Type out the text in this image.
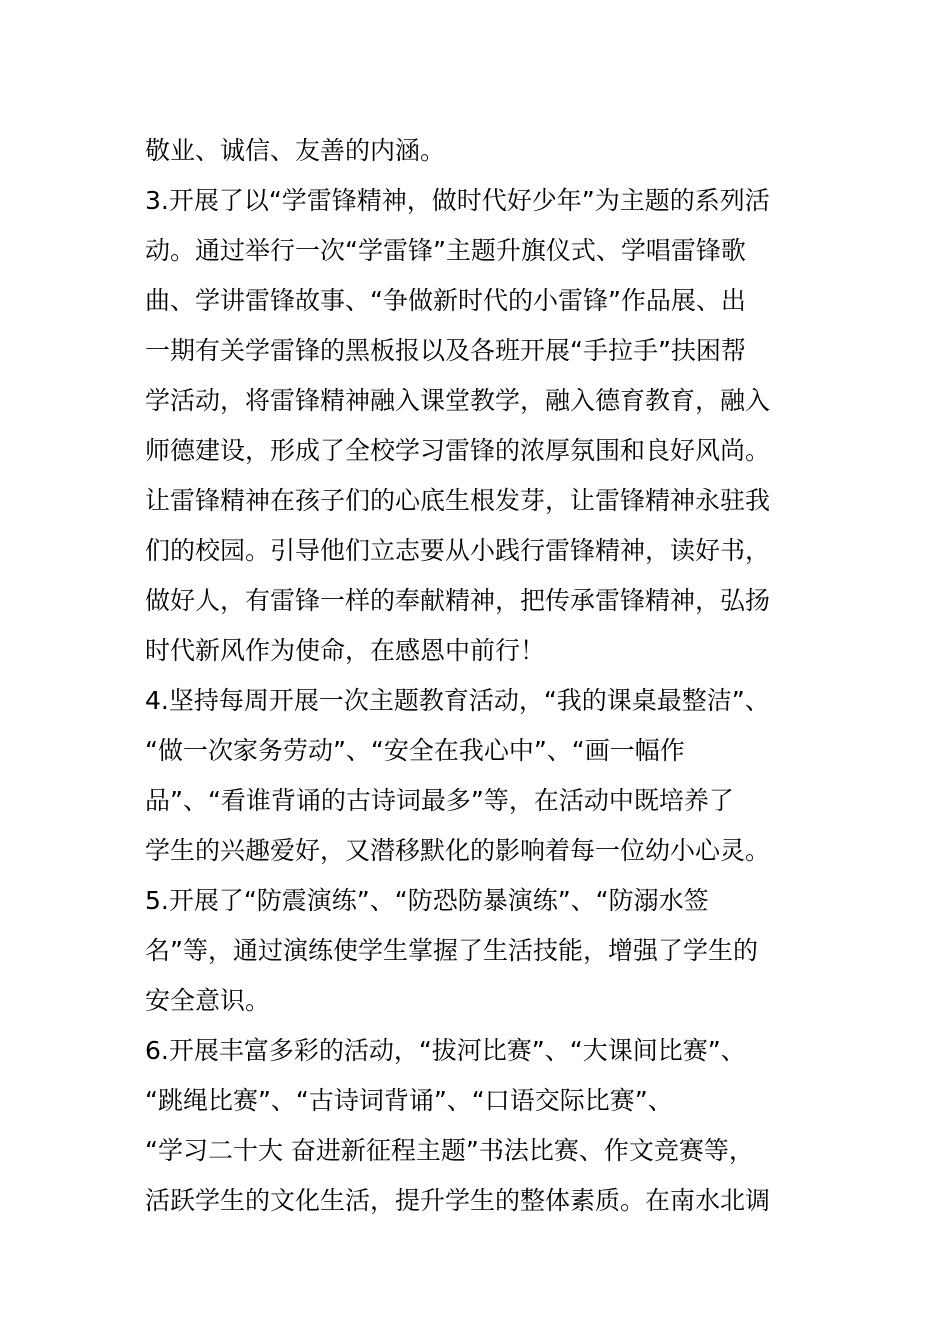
敬业、诚信、友善的内涵。
3.开展了以“学雷锋精神，做时代好少年”为主题的系列活
动。通过举行一次“学雷锋”主题升旗仪式、学唱雷锋歌
曲、学讲雷锋故事、“争做新时代的小雷锋”作品展、出
一期有关学雷锋的黑板报以及各班开展“手拉手”扶困帮
学活动，将雷锋精神融入课堂教学，融入德育教育，融入
师德建设，形成了全校学习雷锋的浓厚氛围和良好风尚。
让雷锋精神在孩子们的心底生根发芽，让雷锋精神永驻我
们的校园。引导他们立志要从小践行雷锋精神，读好书，
做好人，有雷锋一样的奉献精神，把传承雷锋精神，弘扬
时代新风作为使命，在感恩中前行！
4.坚持每周开展一次主题教育活动，“我的课桌最整洁”、
“做一次家务劳动”、“安全在我心中”、“画一幅作
品”、“看谁背诵的古诗词最多”等，在活动中既培养了
学生的兴趣爱好，又潜移默化的影响着每一位幼小心灵。
5.开展了“防震演练”、“防恐防暴演练”、“防溺水签
名”等，通过演练使学生掌握了生活技能，增强了学生的
安全意识。
6.开展丰富多彩的活动，“拔河比赛”、“大课间比赛”、
“跳绳比赛”、“古诗词背诵”、“口语交际比赛”、
“学习二十大 奋进新征程主题”书法比赛、作文竞赛等，
活跃学生的文化生活，提升学生的整体素质。在南水北调
